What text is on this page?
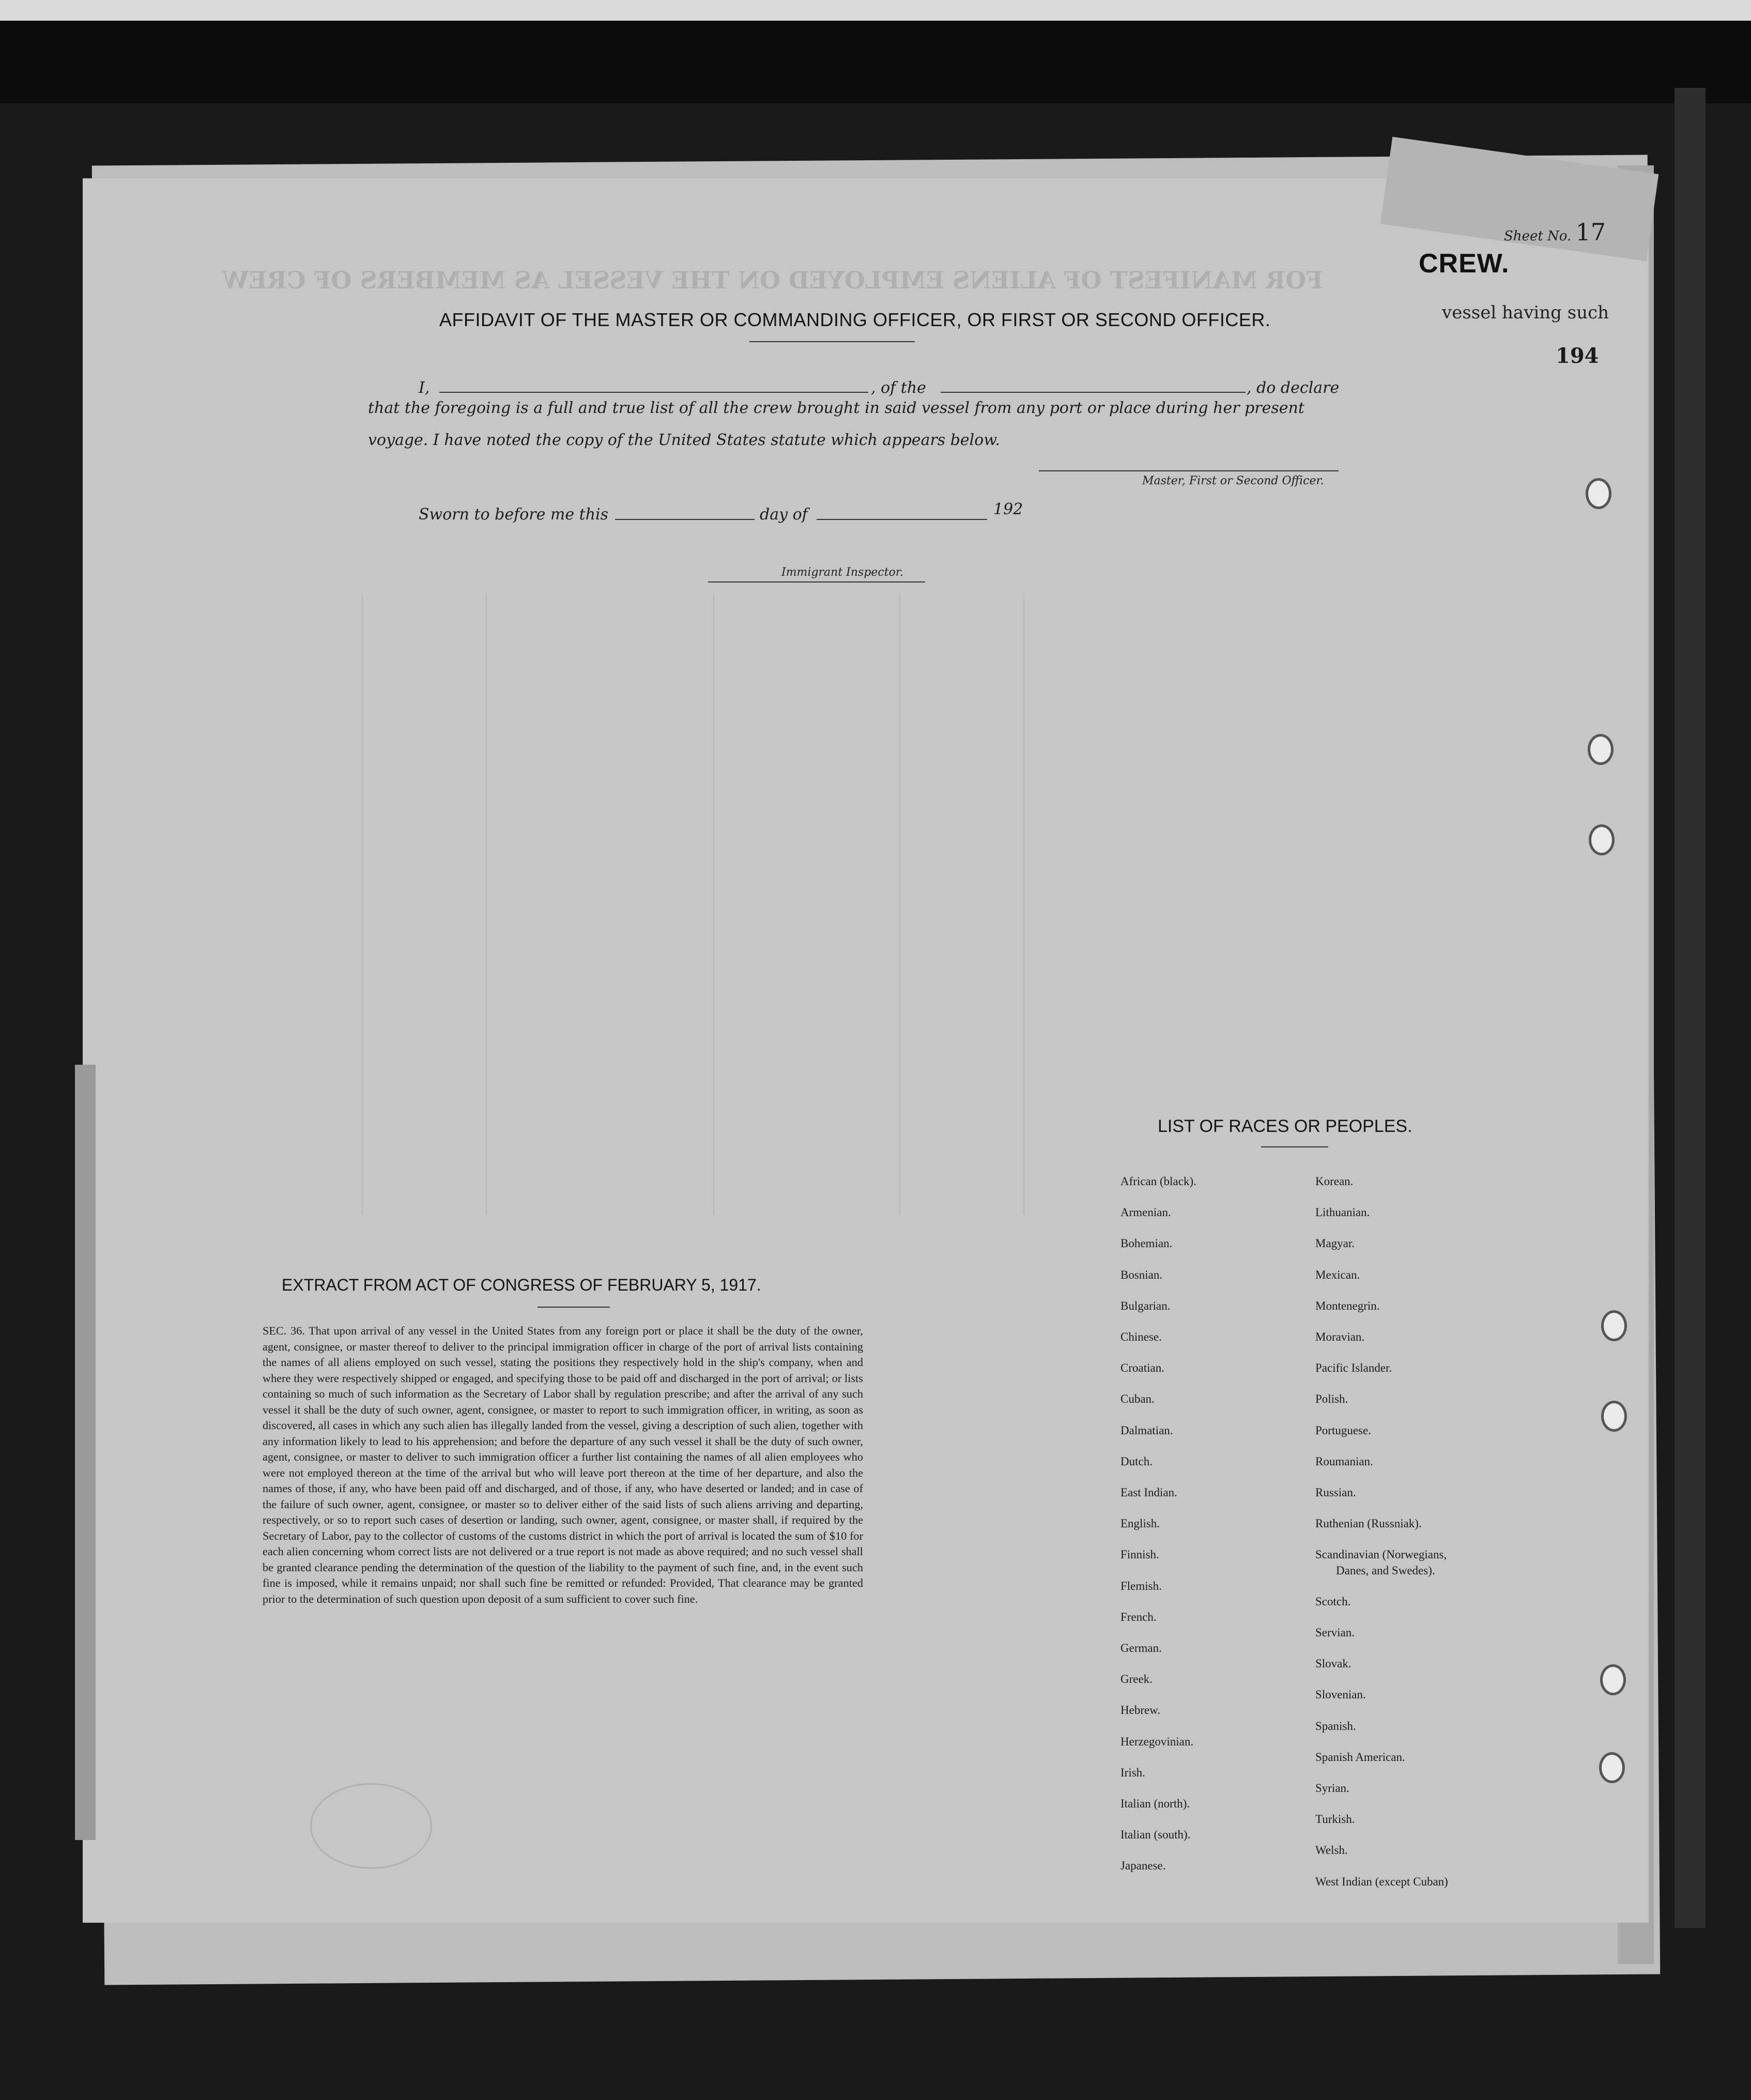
FOR MANIFEST OF ALIENS EMPLOYED ON THE VESSEL AS MEMBERS OF CREW
Sheet No. 17
CREW.
vessel having such
194
AFFIDAVIT OF THE MASTER OR COMMANDING OFFICER, OR FIRST OR SECOND OFFICER.
I,	, of the	, do declare
that the foregoing is a full and true list of all the crew brought in said vessel from any port or place during her present
voyage. I have noted the copy of the United States statute which appears below.
Master, First or Second Officer.
Sworn to before me this	day of	192
Immigrant Inspector.
LIST OF RACES OR PEOPLES.
African (black).
Armenian.
Bohemian.
Bosnian.
Bulgarian.
Chinese.
Croatian.
Cuban.
Dalmatian.
Dutch.
East Indian.
English.
Finnish.
Flemish.
French.
German.
Greek.
Hebrew.
Herzegovinian.
Irish.
Italian (north).
Italian (south).
Japanese.
Korean.
Lithuanian.
Magyar.
Mexican.
Montenegrin.
Moravian.
Pacific Islander.
Polish.
Portuguese.
Roumanian.
Russian.
Ruthenian (Russniak).
Scandinavian (Norwegians,
Danes, and Swedes).
Scotch.
Servian.
Slovak.
Slovenian.
Spanish.
Spanish American.
Syrian.
Turkish.
Welsh.
West Indian (except Cuban)
EXTRACT FROM ACT OF CONGRESS OF FEBRUARY 5, 1917.
SEC. 36. That upon arrival of any vessel in the United States from any foreign port or place it shall be the duty of the owner, agent, consignee, or master thereof to deliver to the principal immigration officer in charge of the port of arrival lists containing the names of all aliens employed on such vessel, stating the positions they respectively hold in the ship's company, when and where they were respectively shipped or engaged, and specifying those to be paid off and discharged in the port of arrival; or lists containing so much of such information as the Secretary of Labor shall by regulation prescribe; and after the arrival of any such vessel it shall be the duty of such owner, agent, consignee, or master to report to such immigration officer, in writing, as soon as discovered, all cases in which any such alien has illegally landed from the vessel, giving a description of such alien, together with any information likely to lead to his apprehension; and before the departure of any such vessel it shall be the duty of such owner, agent, consignee, or master to deliver to such immigration officer a further list containing the names of all alien employees who were not employed thereon at the time of the arrival but who will leave port thereon at the time of her departure, and also the names of those, if any, who have been paid off and discharged, and of those, if any, who have deserted or landed; and in case of the failure of such owner, agent, consignee, or master so to deliver either of the said lists of such aliens arriving and departing, respectively, or so to report such cases of desertion or landing, such owner, agent, consignee, or master shall, if required by the Secretary of Labor, pay to the collector of customs of the customs district in which the port of arrival is located the sum of $10 for each alien concerning whom correct lists are not delivered or a true report is not made as above required; and no such vessel shall be granted clearance pending the determination of the question of the liability to the payment of such fine, and, in the event such fine is imposed, while it remains unpaid; nor shall such fine be remitted or refunded: Provided, That clearance may be granted prior to the determination of such question upon deposit of a sum sufficient to cover such fine.
